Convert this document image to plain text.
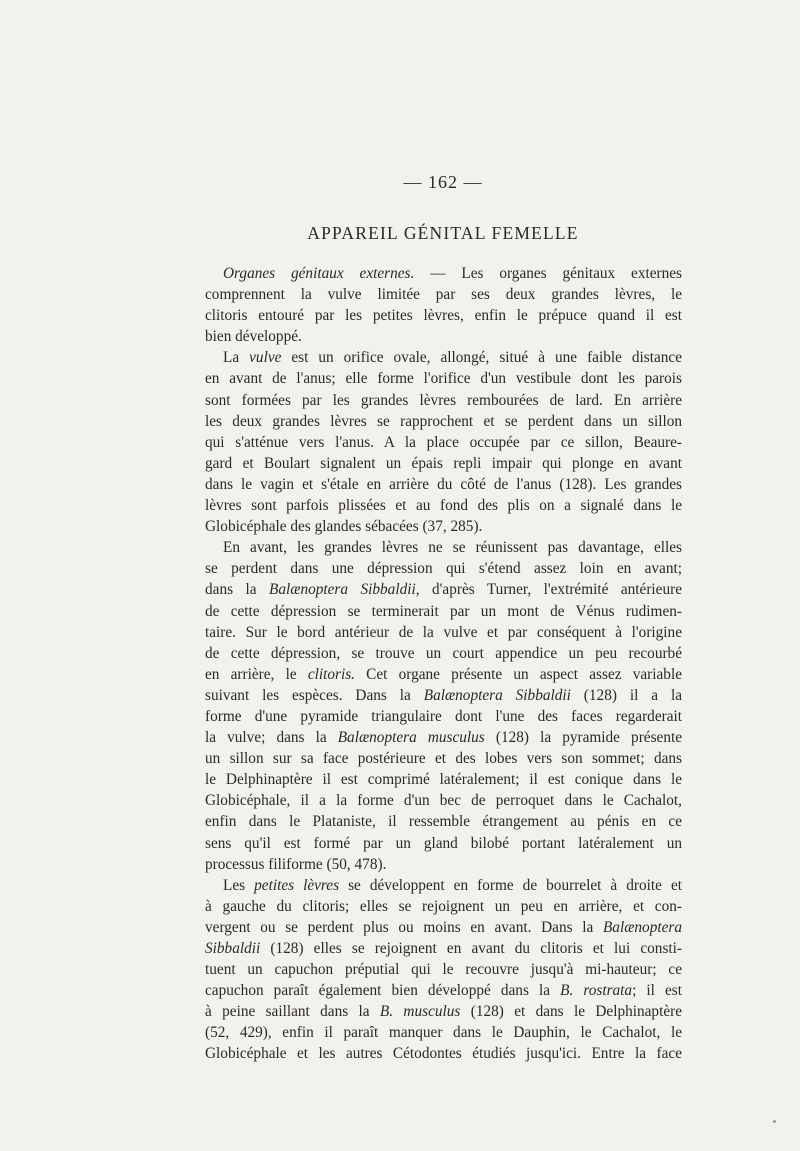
— 162 —
APPAREIL GÉNITAL FEMELLE
Organes génitaux externes. — Les organes génitaux externes
comprennent la vulve limitée par ses deux grandes lèvres, le
clitoris entouré par les petites lèvres, enfin le prépuce quand il est
bien développé.
La vulve est un orifice ovale, allongé, situé à une faible distance
en avant de l'anus; elle forme l'orifice d'un vestibule dont les parois
sont formées par les grandes lèvres rembourées de lard. En arrière
les deux grandes lèvres se rapprochent et se perdent dans un sillon
qui s'atténue vers l'anus. A la place occupée par ce sillon, Beaure-
gard et Boulart signalent un épais repli impair qui plonge en avant
dans le vagin et s'étale en arrière du côté de l'anus (128). Les grandes
lèvres sont parfois plissées et au fond des plis on a signalé dans le
Globicéphale des glandes sébacées (37, 285).
En avant, les grandes lèvres ne se réunissent pas davantage, elles
se perdent dans une dépression qui s'étend assez loin en avant;
dans la Balænoptera Sibbaldii, d'après Turner, l'extrémité antérieure
de cette dépression se terminerait par un mont de Vénus rudimen-
taire. Sur le bord antérieur de la vulve et par conséquent à l'origine
de cette dépression, se trouve un court appendice un peu recourbé
en arrière, le clitoris. Cet organe présente un aspect assez variable
suivant les espèces. Dans la Balænoptera Sibbaldii (128) il a la
forme d'une pyramide triangulaire dont l'une des faces regarderait
la vulve; dans la Balænoptera musculus (128) la pyramide présente
un sillon sur sa face postérieure et des lobes vers son sommet; dans
le Delphinaptère il est comprimé latéralement; il est conique dans le
Globicéphale, il a la forme d'un bec de perroquet dans le Cachalot,
enfin dans le Plataniste, il ressemble étrangement au pénis en ce
sens qu'il est formé par un gland bilobé portant latéralement un
processus filiforme (50, 478).
Les petites lèvres se développent en forme de bourrelet à droite et
à gauche du clitoris; elles se rejoignent un peu en arrière, et con-
vergent ou se perdent plus ou moins en avant. Dans la Balænoptera
Sibbaldii (128) elles se rejoignent en avant du clitoris et lui consti-
tuent un capuchon préputial qui le recouvre jusqu'à mi-hauteur; ce
capuchon paraît également bien développé dans la B. rostrata; il est
à peine saillant dans la B. musculus (128) et dans le Delphinaptère
(52, 429), enfin il paraît manquer dans le Dauphin, le Cachalot, le
Globicéphale et les autres Cétodontes étudiés jusqu'ici. Entre la face
